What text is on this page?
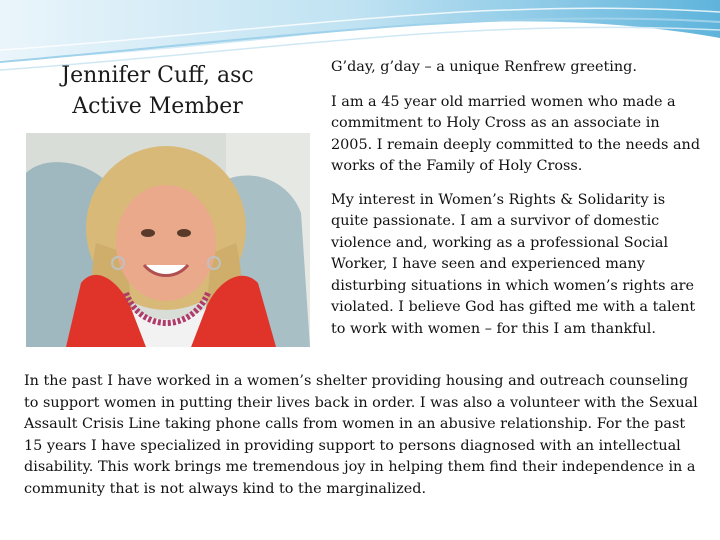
Jennifer Cuff, asc
Active Member

G’day, g’day – a unique Renfrew greeting.

I am a 45 year old married women who made a commitment to Holy Cross as an associate in 2005. I remain deeply committed to the needs and works of the Family of Holy Cross.

My interest in Women’s Rights & Solidarity is quite passionate. I am a survivor of domestic violence and, working as a professional Social Worker, I have seen and experienced many disturbing situations in which women’s rights are violated. I believe God has gifted me with a talent to work with women – for this I am thankful.

In the past I have worked in a women’s shelter providing housing and outreach counseling to support women in putting their lives back in order. I was also a volunteer with the Sexual Assault Crisis Line taking phone calls from women in an abusive relationship. For the past 15 years I have specialized in providing support to persons diagnosed with an intellectual disability. This work brings me tremendous joy in helping them find their independence in a community that is not always kind to the marginalized.
